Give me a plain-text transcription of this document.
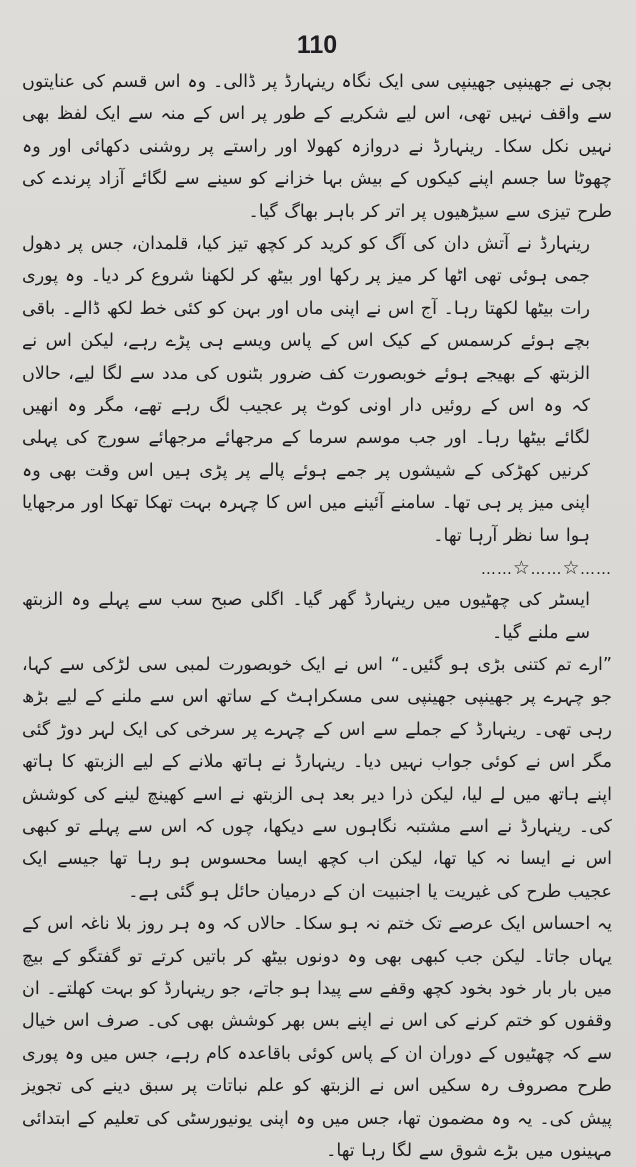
110

بچی نے جھینپی جھینپی سی ایک نگاہ رینہارڈ پر ڈالی۔ وہ اس قسم کی عنایتوں سے واقف نہیں تھی، اس لیے شکریے کے طور پر اس کے منہ سے ایک لفظ بھی نہیں نکل سکا۔ رینہارڈ نے دروازہ کھولا اور راستے پر روشنی دکھائی اور وہ چھوٹا سا جسم اپنے کیکوں کے بیش بہا خزانے کو سینے سے لگائے آزاد پرندے کی طرح تیزی سے سیڑھیوں پر اتر کر باہر بھاگ گیا۔

رینہارڈ نے آتش دان کی آگ کو کرید کر کچھ تیز کیا، قلمدان، جس پر دھول جمی ہوئی تھی اٹھا کر میز پر رکھا اور بیٹھ کر لکھنا شروع کر دیا۔ وہ پوری رات بیٹھا لکھتا رہا۔ آج اس نے اپنی ماں اور بہن کو کئی خط لکھ ڈالے۔ باقی بچے ہوئے کرسمس کے کیک اس کے پاس ویسے ہی پڑے رہے، لیکن اس نے الزبتھ کے بھیجے ہوئے خوبصورت کف ضرور بٹنوں کی مدد سے لگا لیے، حالاں کہ وہ اس کے روئیں دار اونی کوٹ پر عجیب لگ رہے تھے، مگر وہ انھیں لگائے بیٹھا رہا۔ اور جب موسم سرما کے مرجھائے مرجھائے سورج کی پہلی کرنیں کھڑکی کے شیشوں پر جمے ہوئے پالے پر پڑی ہیں اس وقت بھی وہ اپنی میز پر ہی تھا۔ سامنے آئینے میں اس کا چہرہ بہت تھکا تھکا اور مرجھایا ہوا سا نظر آرہا تھا۔

……☆……☆……

ایسٹر کی چھٹیوں میں رینہارڈ گھر گیا۔ اگلی صبح سب سے پہلے وہ الزبتھ سے ملنے گیا۔

”ارے تم کتنی بڑی ہو گئیں۔“ اس نے ایک خوبصورت لمبی سی لڑکی سے کہا، جو چہرے پر جھینپی جھینپی سی مسکراہٹ کے ساتھ اس سے ملنے کے لیے بڑھ رہی تھی۔ رینہارڈ کے جملے سے اس کے چہرے پر سرخی کی ایک لہر دوڑ گئی مگر اس نے کوئی جواب نہیں دیا۔ رینہارڈ نے ہاتھ ملانے کے لیے الزبتھ کا ہاتھ اپنے ہاتھ میں لے لیا، لیکن ذرا دیر بعد ہی الزبتھ نے اسے کھینچ لینے کی کوشش کی۔ رینہارڈ نے اسے مشتبہ نگاہوں سے دیکھا، چوں کہ اس سے پہلے تو کبھی اس نے ایسا نہ کیا تھا، لیکن اب کچھ ایسا محسوس ہو رہا تھا جیسے ایک عجیب طرح کی غیریت یا اجنبیت ان کے درمیان حائل ہو گئی ہے۔

یہ احساس ایک عرصے تک ختم نہ ہو سکا۔ حالاں کہ وہ ہر روز بلا ناغہ اس کے یہاں جاتا۔ لیکن جب کبھی بھی وہ دونوں بیٹھ کر باتیں کرتے تو گفتگو کے بیچ میں بار بار خود بخود کچھ وقفے سے پیدا ہو جاتے، جو رینہارڈ کو بہت کھلتے۔ ان وقفوں کو ختم کرنے کی اس نے اپنے بس بھر کوشش بھی کی۔ صرف اس خیال سے کہ چھٹیوں کے دوران ان کے پاس کوئی باقاعدہ کام رہے، جس میں وہ پوری طرح مصروف رہ سکیں اس نے الزبتھ کو علم نباتات پر سبق دینے کی تجویز پیش کی۔ یہ وہ مضمون تھا، جس میں وہ اپنی یونیورسٹی کی تعلیم کے ابتدائی مہینوں میں بڑے شوق سے لگا رہا تھا۔
